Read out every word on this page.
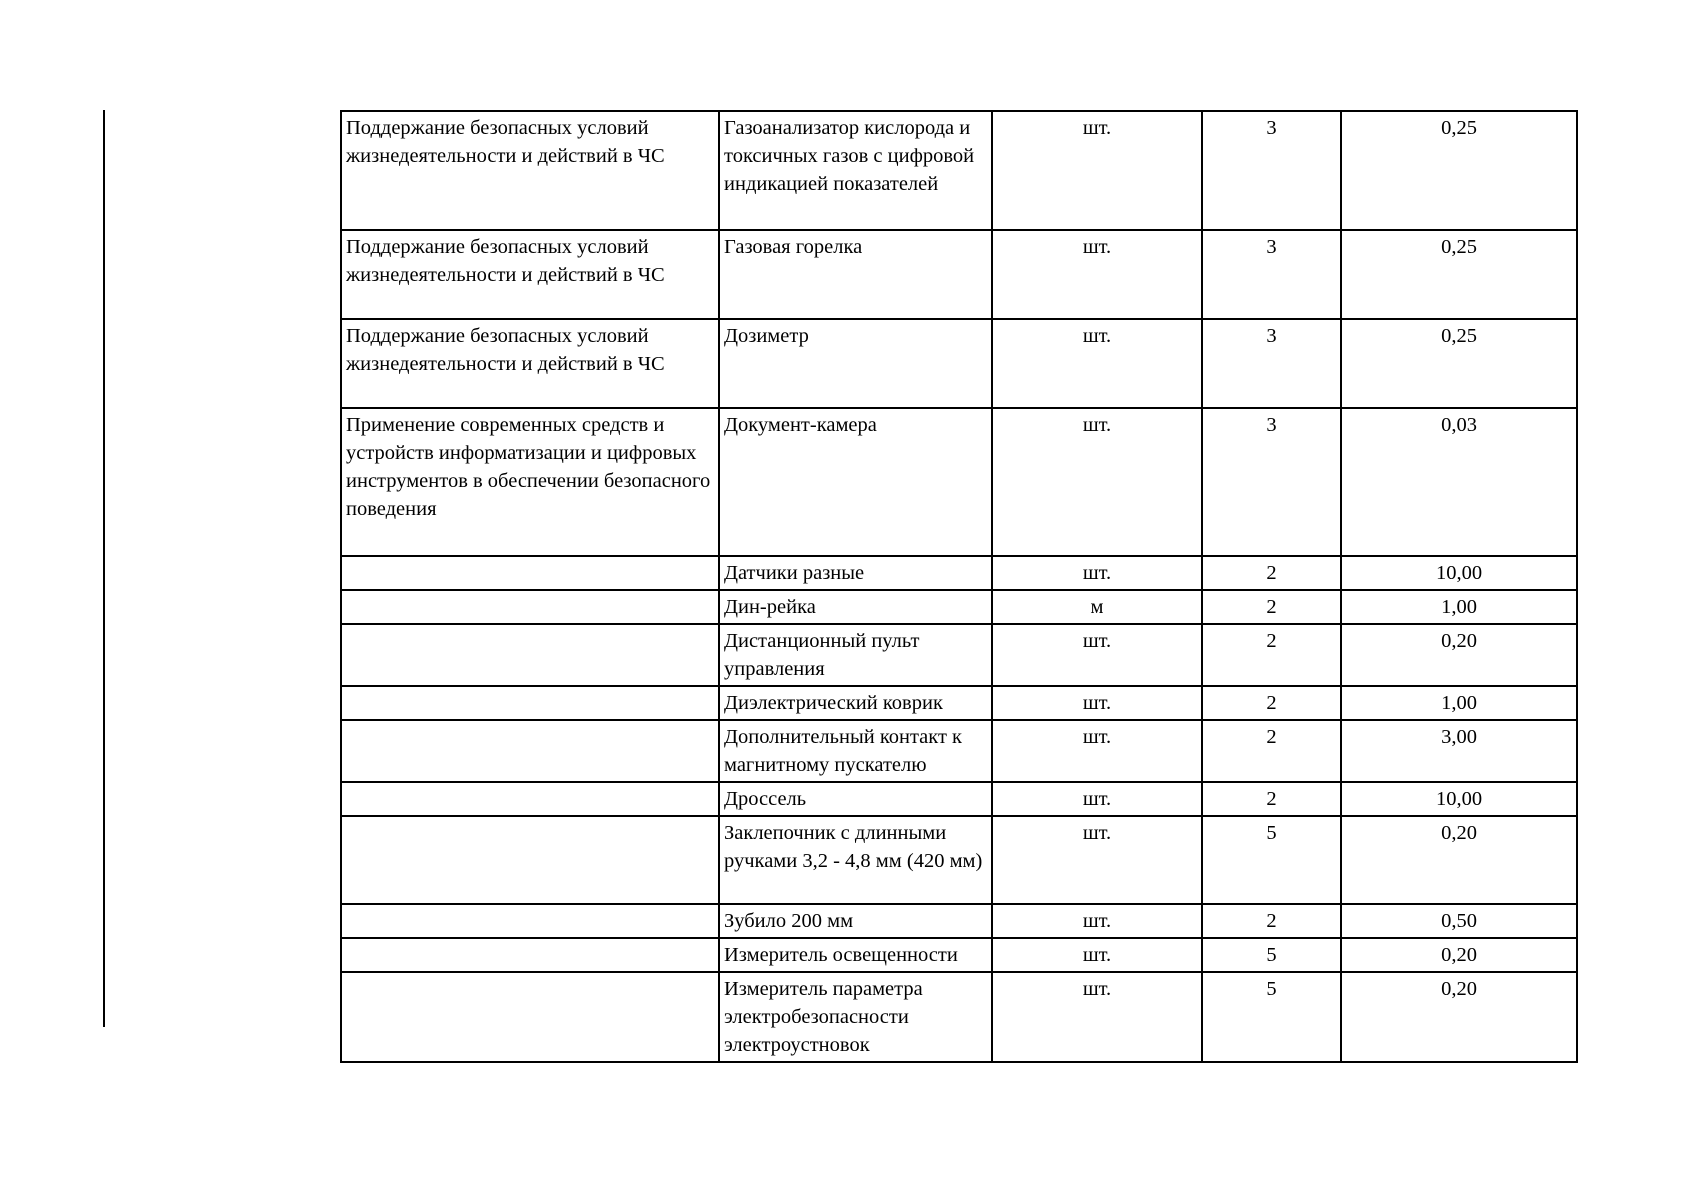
Поддержание безопасных условий жизнедеятельности и действий в ЧС	Газоанализатор кислорода и токсичных газов с цифровой индикацией показателей	шт.	3	0,25
Поддержание безопасных условий жизнедеятельности и действий в ЧС	Газовая горелка	шт.	3	0,25
Поддержание безопасных условий жизнедеятельности и действий в ЧС	Дозиметр	шт.	3	0,25
Применение современных средств и устройств информатизации и цифровых инструментов в обеспечении безопасного поведения	Документ-камера	шт.	3	0,03
	Датчики разные	шт.	2	10,00
	Дин-рейка	м	2	1,00
	Дистанционный пульт управления	шт.	2	0,20
	Диэлектрический коврик	шт.	2	1,00
	Дополнительный контакт к магнитному пускателю	шт.	2	3,00
	Дроссель	шт.	2	10,00
	Заклепочник с длинными ручками 3,2 - 4,8 мм (420 мм)	шт.	5	0,20
	Зубило 200 мм	шт.	2	0,50
	Измеритель освещенности	шт.	5	0,20
	Измеритель параметра электробезопасности электроустновок	шт.	5	0,20
